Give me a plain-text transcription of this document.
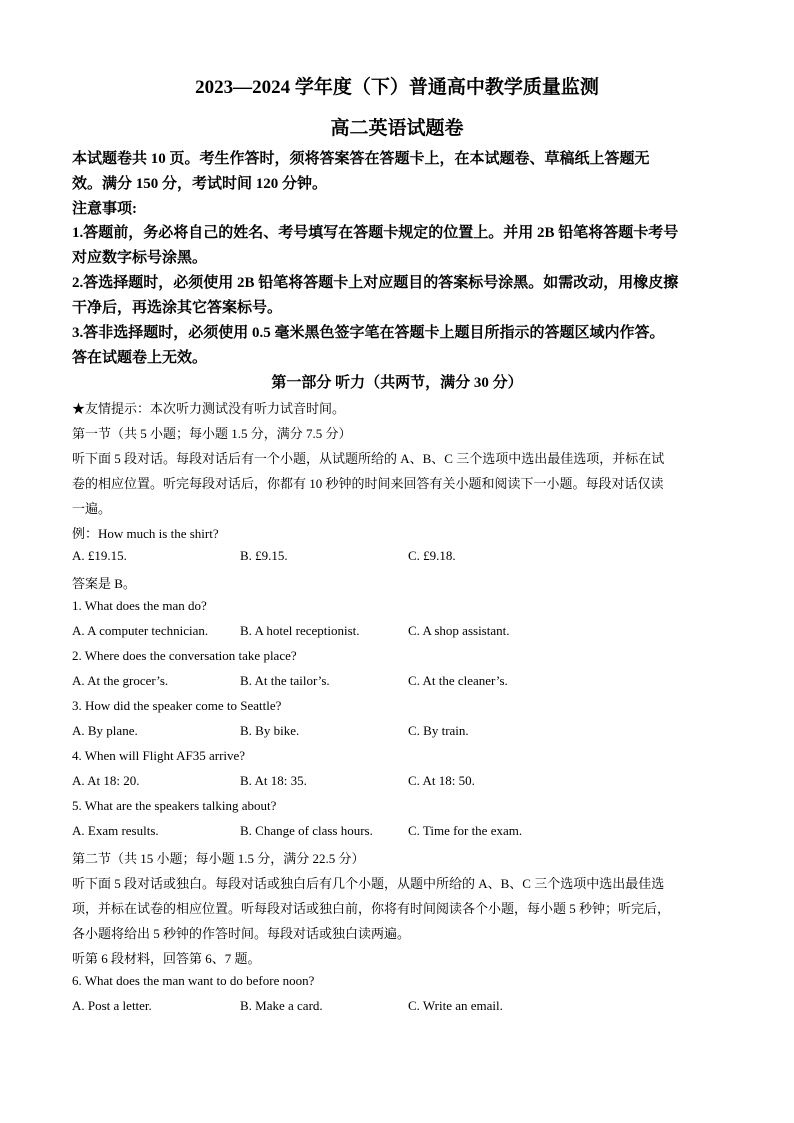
2023—2024 学年度（下）普通高中教学质量监测
高二英语试题卷
本试题卷共 10 页。考生作答时，须将答案答在答题卡上，在本试题卷、草稿纸上答题无
效。满分 150 分，考试时间 120 分钟。
注意事项:
1.答题前，务必将自己的姓名、考号填写在答题卡规定的位置上。并用 2B 铅笔将答题卡考号
对应数字标号涂黑。
2.答选择题时，必须使用 2B 铅笔将答题卡上对应题目的答案标号涂黑。如需改动，用橡皮擦
干净后，再选涂其它答案标号。
3.答非选择题时，必须使用 0.5 毫米黑色签字笔在答题卡上题目所指示的答题区域内作答。
答在试题卷上无效。
第一部分 听力（共两节，满分 30 分）
★友情提示：本次听力测试没有听力试音时间。
第一节（共 5 小题；每小题 1.5 分，满分 7.5 分）
听下面 5 段对话。每段对话后有一个小题，从试题所给的 A、B、C 三个选项中选出最佳选项，并标在试
卷的相应位置。听完每段对话后，你都有 10 秒钟的时间来回答有关小题和阅读下一小题。每段对话仅读
一遍。
例：How much is the shirt?
A. £19.15.	B. £9.15.	C. £9.18.
答案是 B。
1. What does the man do?
A. A computer technician. B. A hotel receptionist.	C. A shop assistant.
2. Where does the conversation take place?
A. At the grocer’s.	B. At the tailor’s.	C. At the cleaner’s.
3. How did the speaker come to Seattle?
A. By plane.	B. By bike.	C. By train.
4. When will Flight AF35 arrive?
A. At 18: 20.	B. At 18: 35.	C. At 18: 50.
5. What are the speakers talking about?
A. Exam results.	B. Change of class hours.	C. Time for the exam.
第二节（共 15 小题；每小题 1.5 分，满分 22.5 分）
听下面 5 段对话或独白。每段对话或独白后有几个小题，从题中所给的 A、B、C 三个选项中选出最佳选
项，并标在试卷的相应位置。听每段对话或独白前，你将有时间阅读各个小题，每小题 5 秒钟；听完后，
各小题将给出 5 秒钟的作答时间。每段对话或独白读两遍。
听第 6 段材料，回答第 6、7 题。
6. What does the man want to do before noon?
A. Post a letter.	B. Make a card.	C. Write an email.
